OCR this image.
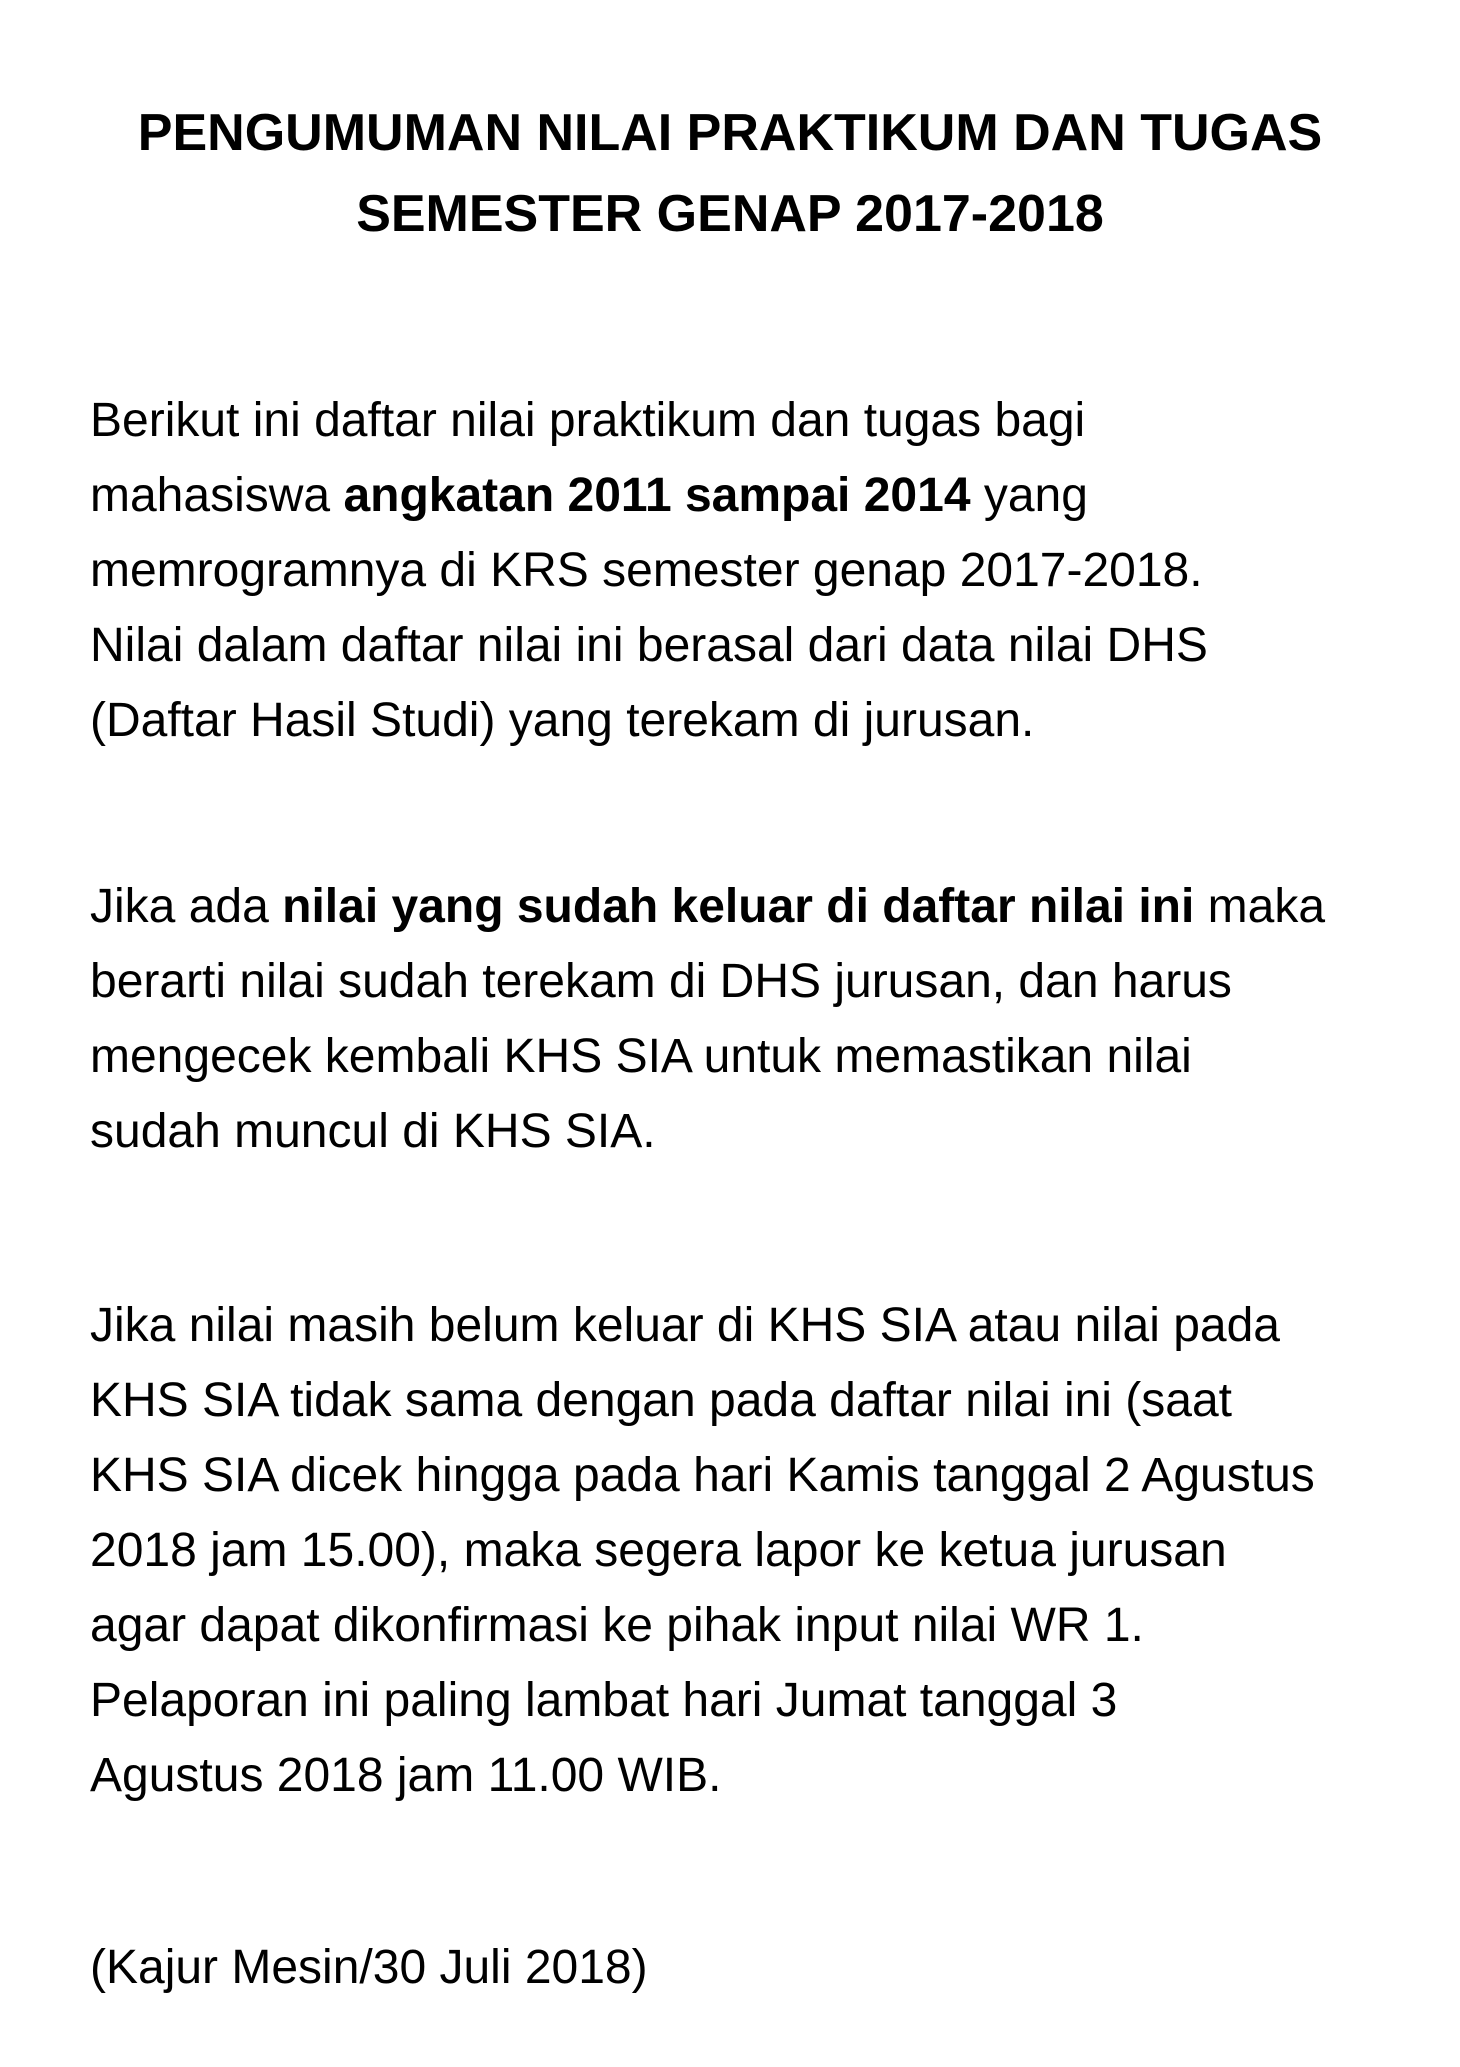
PENGUMUMAN NILAI PRAKTIKUM DAN TUGAS
SEMESTER GENAP 2017-2018

Berikut ini daftar nilai praktikum dan tugas bagi
mahasiswa angkatan 2011 sampai 2014 yang
memrogramnya di KRS semester genap 2017-2018.
Nilai dalam daftar nilai ini berasal dari data nilai DHS
(Daftar Hasil Studi) yang terekam di jurusan.

Jika ada nilai yang sudah keluar di daftar nilai ini maka
berarti nilai sudah terekam di DHS jurusan, dan harus
mengecek kembali KHS SIA untuk memastikan nilai
sudah muncul di KHS SIA.

Jika nilai masih belum keluar di KHS SIA atau nilai pada
KHS SIA tidak sama dengan pada daftar nilai ini (saat
KHS SIA dicek hingga pada hari Kamis tanggal 2 Agustus
2018 jam 15.00), maka segera lapor ke ketua jurusan
agar dapat dikonfirmasi ke pihak input nilai WR 1.
Pelaporan ini paling lambat hari Jumat tanggal 3
Agustus 2018 jam 11.00 WIB.

(Kajur Mesin/30 Juli 2018)
